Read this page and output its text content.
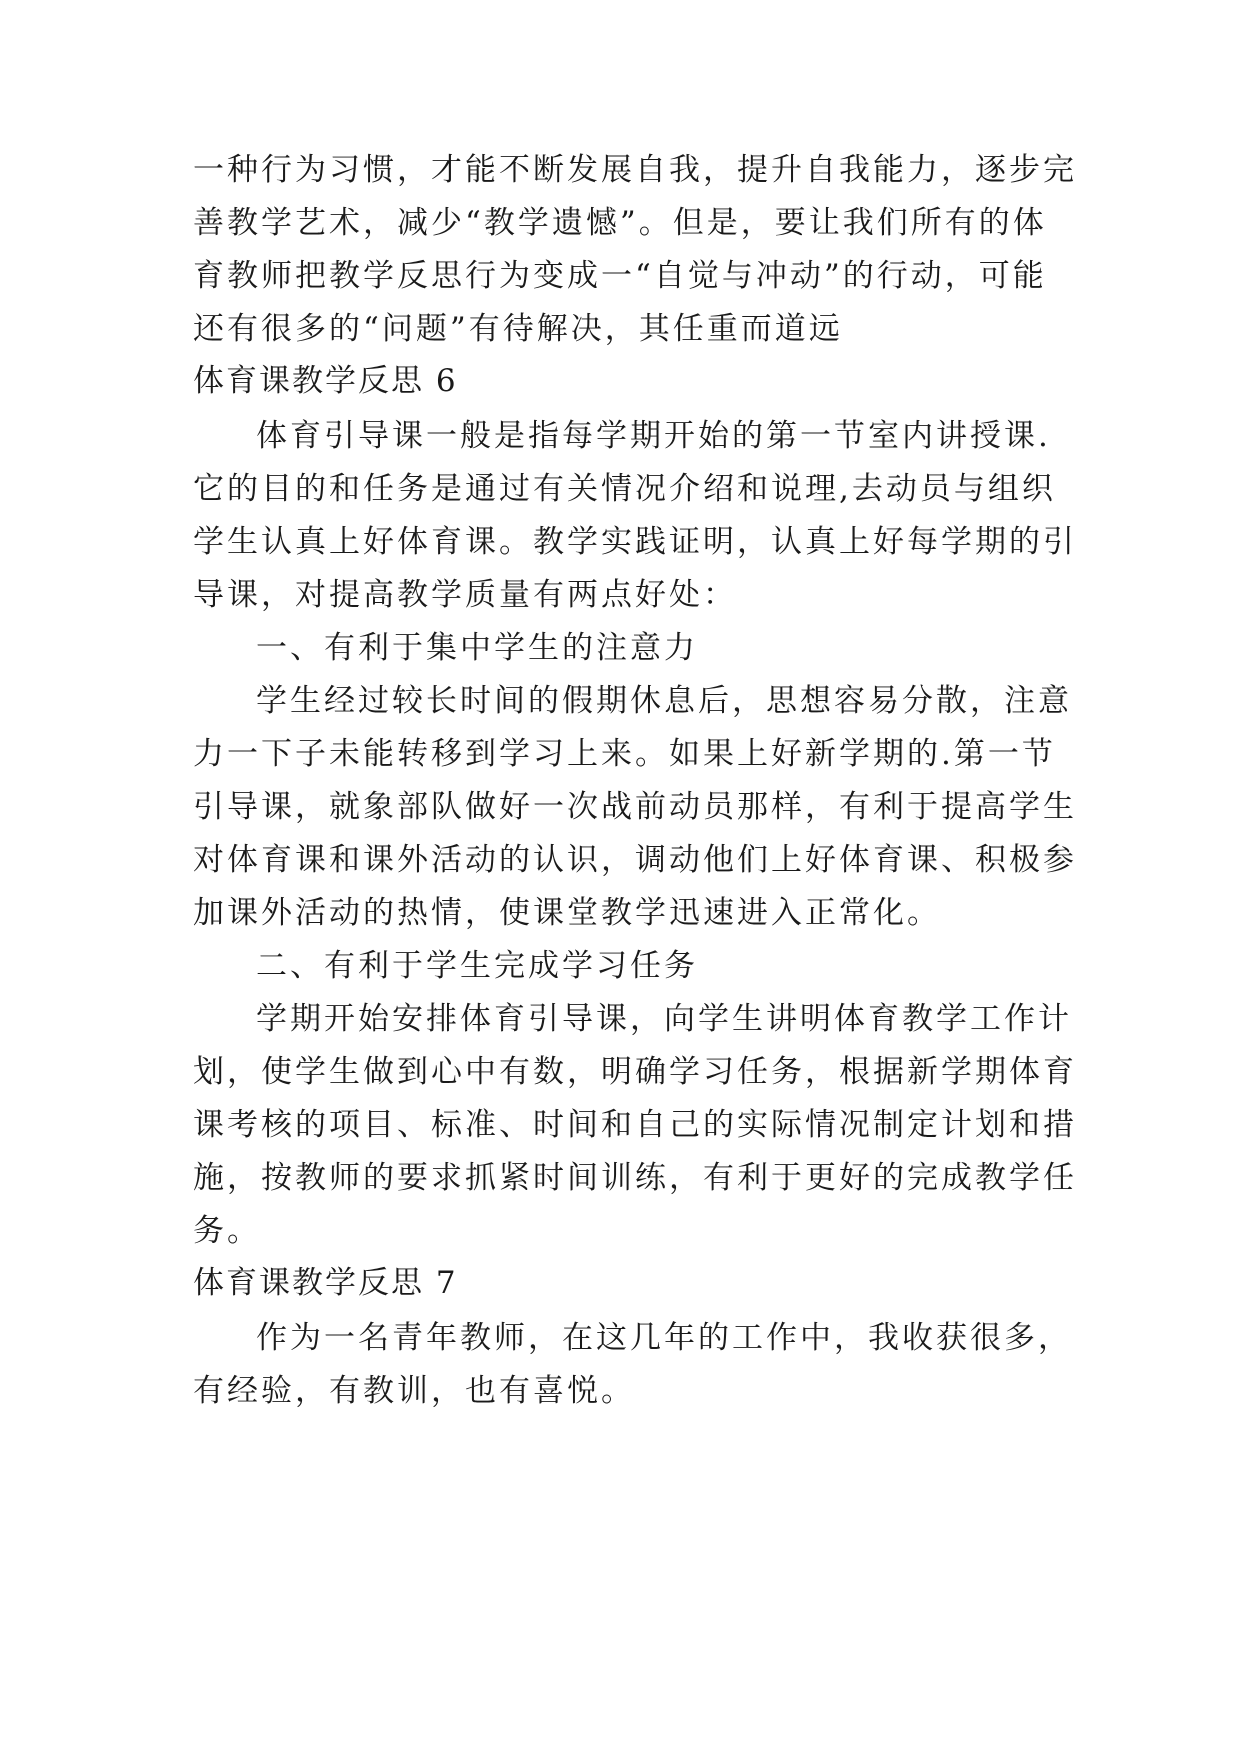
一种行为习惯，才能不断发展自我，提升自我能力，逐步完
善教学艺术，减少“教学遗憾”。但是，要让我们所有的体
育教师把教学反思行为变成一“自觉与冲动”的行动，可能
还有很多的“问题”有待解决，其任重而道远
体育课教学反思 6
体育引导课一般是指每学期开始的第一节室内讲授课.
它的目的和任务是通过有关情况介绍和说理,去动员与组织
学生认真上好体育课。教学实践证明，认真上好每学期的引
导课，对提高教学质量有两点好处：
一、有利于集中学生的注意力
学生经过较长时间的假期休息后，思想容易分散，注意
力一下子未能转移到学习上来。如果上好新学期的.第一节
引导课，就象部队做好一次战前动员那样，有利于提高学生
对体育课和课外活动的认识，调动他们上好体育课、积极参
加课外活动的热情，使课堂教学迅速进入正常化。
二、有利于学生完成学习任务
学期开始安排体育引导课，向学生讲明体育教学工作计
划，使学生做到心中有数，明确学习任务，根据新学期体育
课考核的项目、标准、时间和自己的实际情况制定计划和措
施，按教师的要求抓紧时间训练，有利于更好的完成教学任
务。
体育课教学反思 7
作为一名青年教师，在这几年的工作中，我收获很多，
有经验，有教训，也有喜悦。
